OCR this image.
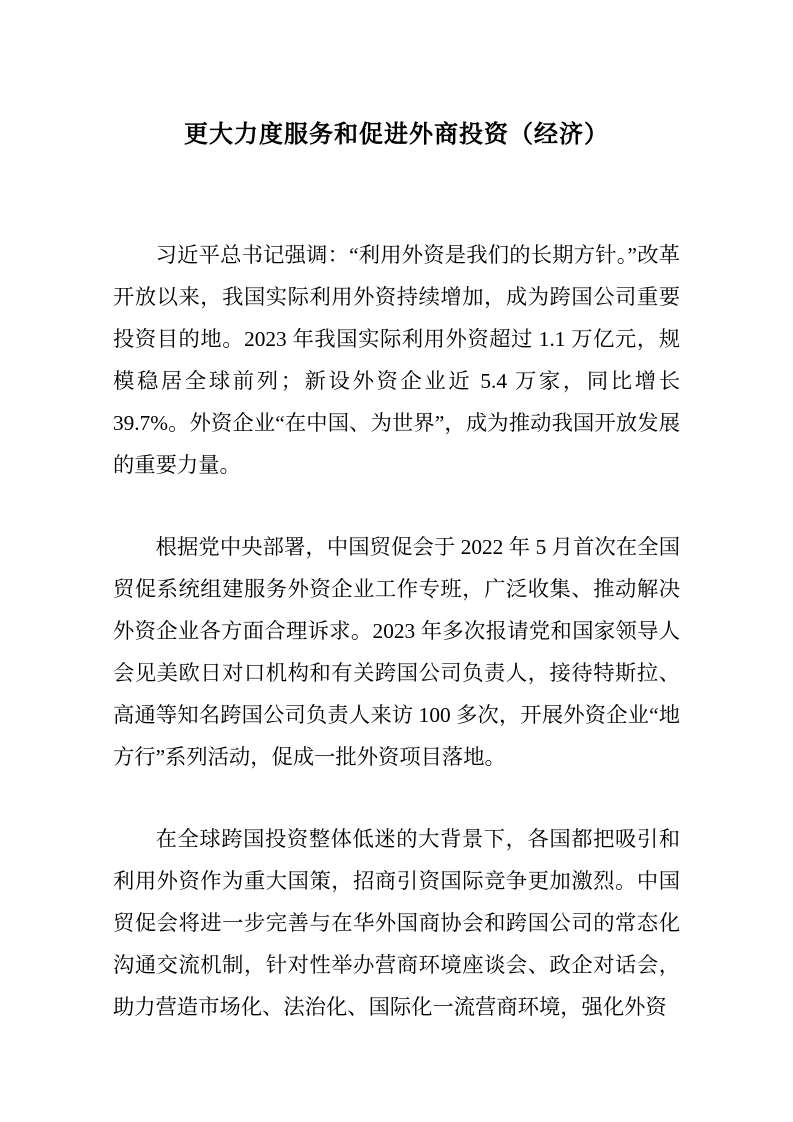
更大力度服务和促进外商投资（经济）

习近平总书记强调：“利用外资是我们的长期方针。”改革开放以来，我国实际利用外资持续增加，成为跨国公司重要投资目的地。2023 年我国实际利用外资超过 1.1 万亿元，规模稳居全球前列；新设外资企业近 5.4 万家，同比增长 39.7%。外资企业“在中国、为世界”，成为推动我国开放发展的重要力量。

根据党中央部署，中国贸促会于 2022 年 5 月首次在全国贸促系统组建服务外资企业工作专班，广泛收集、推动解决外资企业各方面合理诉求。2023 年多次报请党和国家领导人会见美欧日对口机构和有关跨国公司负责人，接待特斯拉、高通等知名跨国公司负责人来访 100 多次，开展外资企业“地方行”系列活动，促成一批外资项目落地。

在全球跨国投资整体低迷的大背景下，各国都把吸引和利用外资作为重大国策，招商引资国际竞争更加激烈。中国贸促会将进一步完善与在华外国商协会和跨国公司的常态化沟通交流机制，针对性举办营商环境座谈会、政企对话会，助力营造市场化、法治化、国际化一流营商环境，强化外资
